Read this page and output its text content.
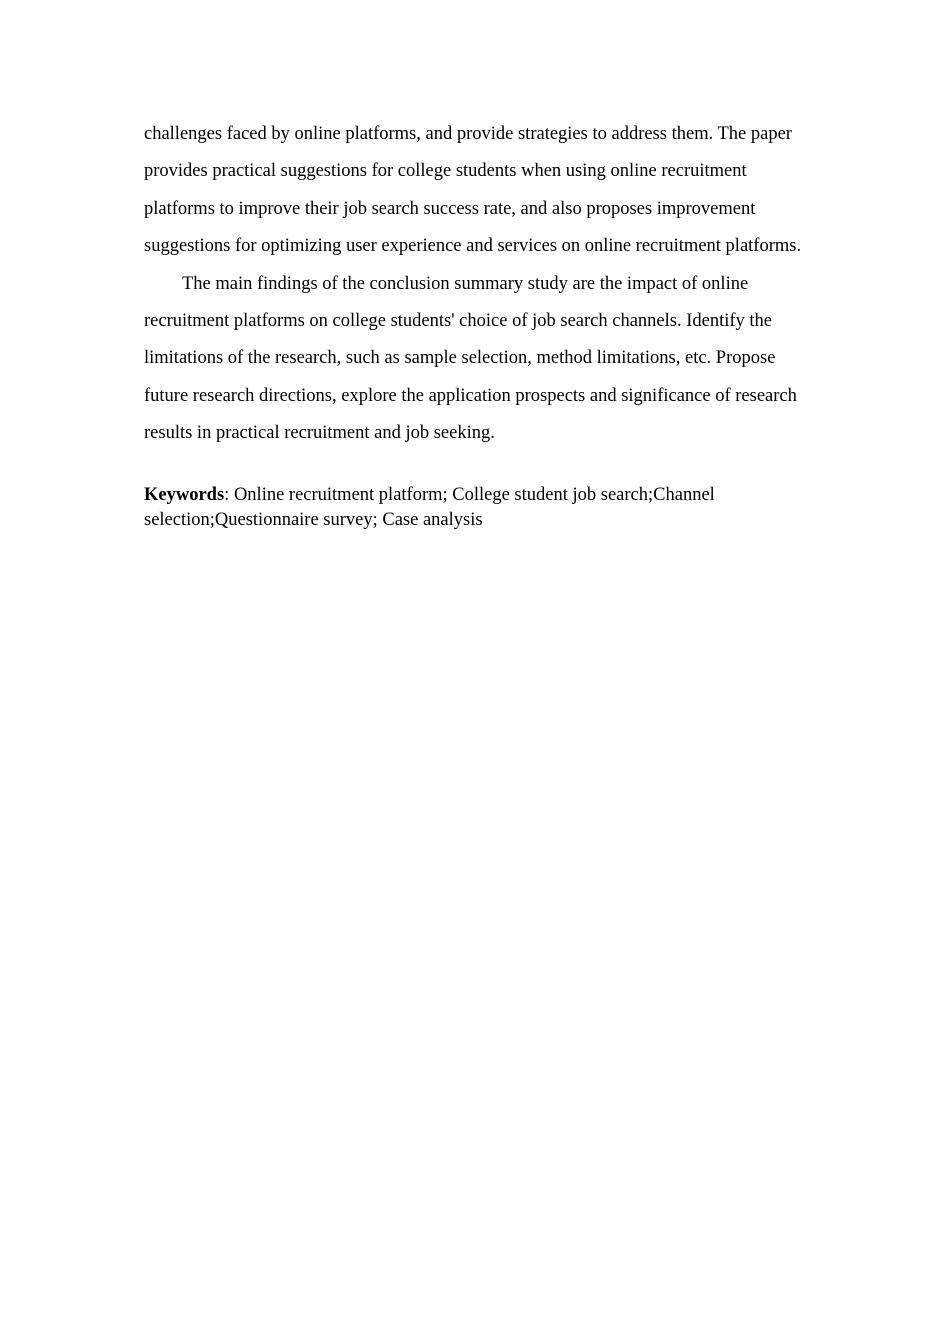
challenges faced by online platforms, and provide strategies to address them. The paper provides practical suggestions for college students when using online recruitment platforms to improve their job search success rate, and also proposes improvement suggestions for optimizing user experience and services on online recruitment platforms.

The main findings of the conclusion summary study are the impact of online recruitment platforms on college students' choice of job search channels. Identify the limitations of the research, such as sample selection, method limitations, etc. Propose future research directions, explore the application prospects and significance of research results in practical recruitment and job seeking.

Keywords: Online recruitment platform; College student job search;Channel selection;Questionnaire survey; Case analysis
